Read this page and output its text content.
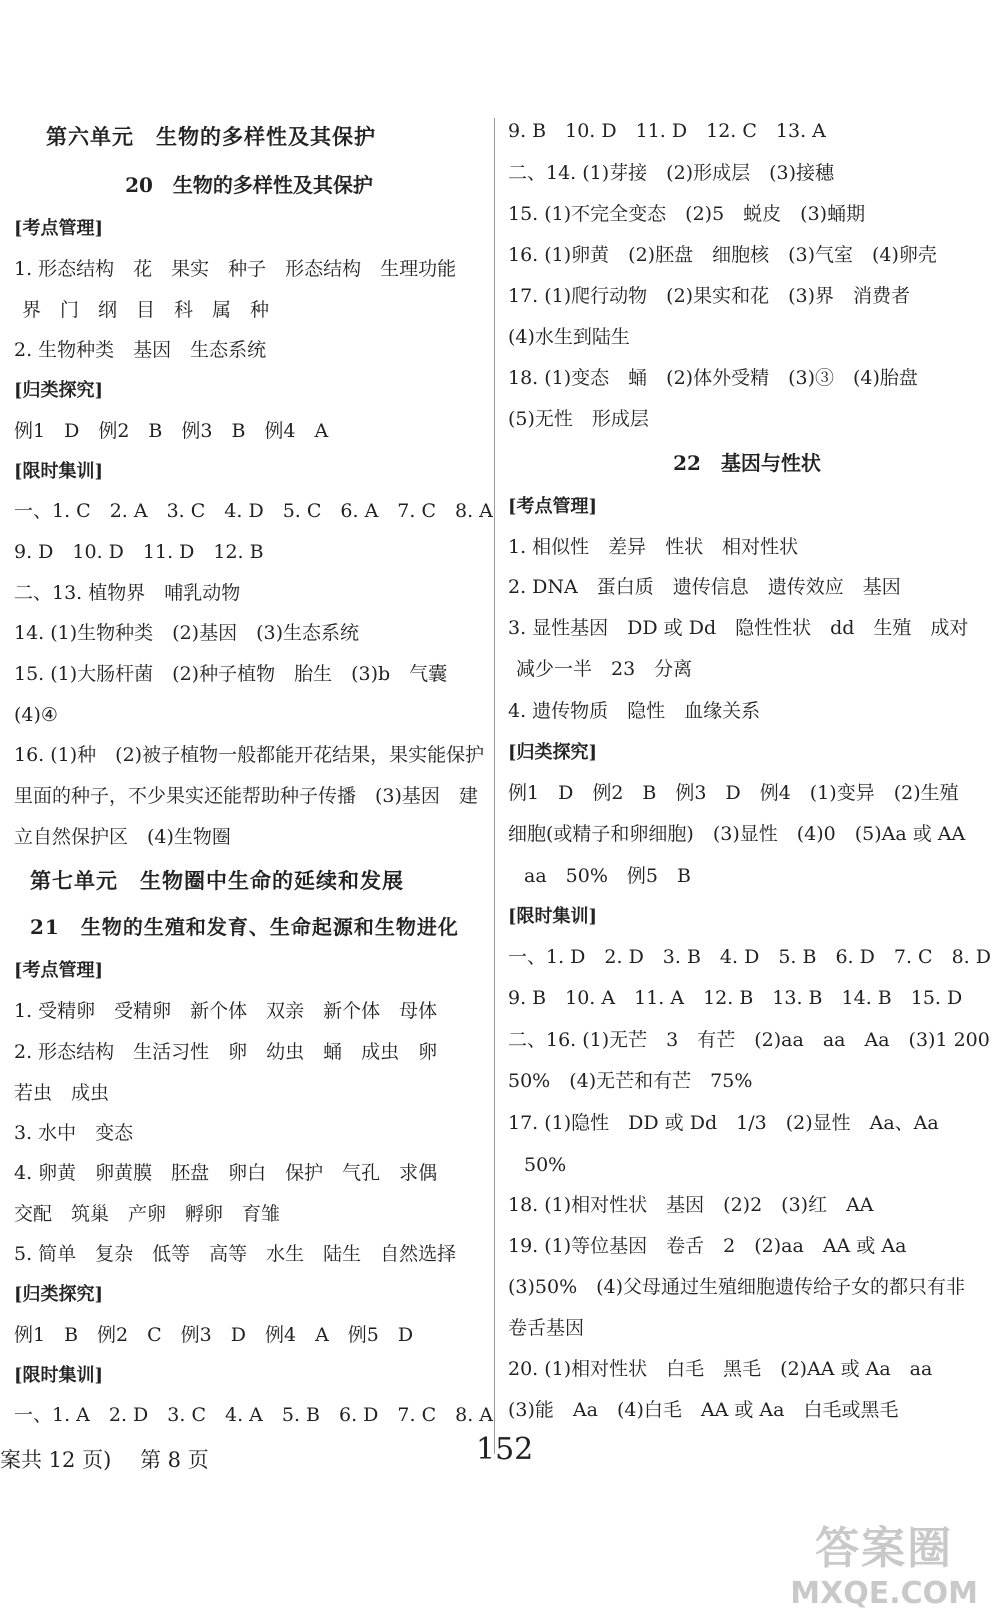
第六单元　生物的多样性及其保护
20　生物的多样性及其保护
[考点管理]
1. 形态结构　花　果实　种子　形态结构　生理功能
界　门　纲　目　科　属　种
2. 生物种类　基因　生态系统
[归类探究]
例1　D　例2　B　例3　B　例4　A
[限时集训]
一、1. C　2. A　3. C　4. D　5. C　6. A　7. C　8. A
9. D　10. D　11. D　12. B
二、13. 植物界　哺乳动物
14. (1)生物种类　(2)基因　(3)生态系统
15. (1)大肠杆菌　(2)种子植物　胎生　(3)b　气囊
(4)④
16. (1)种　(2)被子植物一般都能开花结果，果实能保护
里面的种子，不少果实还能帮助种子传播　(3)基因　建
立自然保护区　(4)生物圈
第七单元　生物圈中生命的延续和发展
21　生物的生殖和发育、生命起源和生物进化
[考点管理]
1. 受精卵　受精卵　新个体　双亲　新个体　母体
2. 形态结构　生活习性　卵　幼虫　蛹　成虫　卵
若虫　成虫
3. 水中　变态
4. 卵黄　卵黄膜　胚盘　卵白　保护　气孔　求偶
交配　筑巢　产卵　孵卵　育雏
5. 简单　复杂　低等　高等　水生　陆生　自然选择
[归类探究]
例1　B　例2　C　例3　D　例4　A　例5　D
[限时集训]
一、1. A　2. D　3. C　4. A　5. B　6. D　7. C　8. A
9. B　10. D　11. D　12. C　13. A
二、14. (1)芽接　(2)形成层　(3)接穗
15. (1)不完全变态　(2)5　蜕皮　(3)蛹期
16. (1)卵黄　(2)胚盘　细胞核　(3)气室　(4)卵壳
17. (1)爬行动物　(2)果实和花　(3)界　消费者
(4)水生到陆生
18. (1)变态　蛹　(2)体外受精　(3)③　(4)胎盘
(5)无性　形成层
22　基因与性状
[考点管理]
1. 相似性　差异　性状　相对性状
2. DNA　蛋白质　遗传信息　遗传效应　基因
3. 显性基因　DD 或 Dd　隐性性状　dd　生殖　成对
减少一半　23　分离
4. 遗传物质　隐性　血缘关系
[归类探究]
例1　D　例2　B　例3　D　例4　(1)变异　(2)生殖
细胞(或精子和卵细胞)　(3)显性　(4)0　(5)Aa 或 AA
aa　50%　例5　B
[限时集训]
一、1. D　2. D　3. B　4. D　5. B　6. D　7. C　8. D
9. B　10. A　11. A　12. B　13. B　14. B　15. D
二、16. (1)无芒　3　有芒　(2)aa　aa　Aa　(3)1 200
50%　(4)无芒和有芒　75%
17. (1)隐性　DD 或 Dd　1/3　(2)显性　Aa、Aa
50%
18. (1)相对性状　基因　(2)2　(3)红　AA
19. (1)等位基因　卷舌　2　(2)aa　AA 或 Aa
(3)50%　(4)父母通过生殖细胞遗传给子女的都只有非
卷舌基因
20. (1)相对性状　白毛　黑毛　(2)AA 或 Aa　aa
(3)能　Aa　(4)白毛　AA 或 Aa　白毛或黑毛
案共 12 页) 第 8 页	152
答案圈
MXQE.COM
